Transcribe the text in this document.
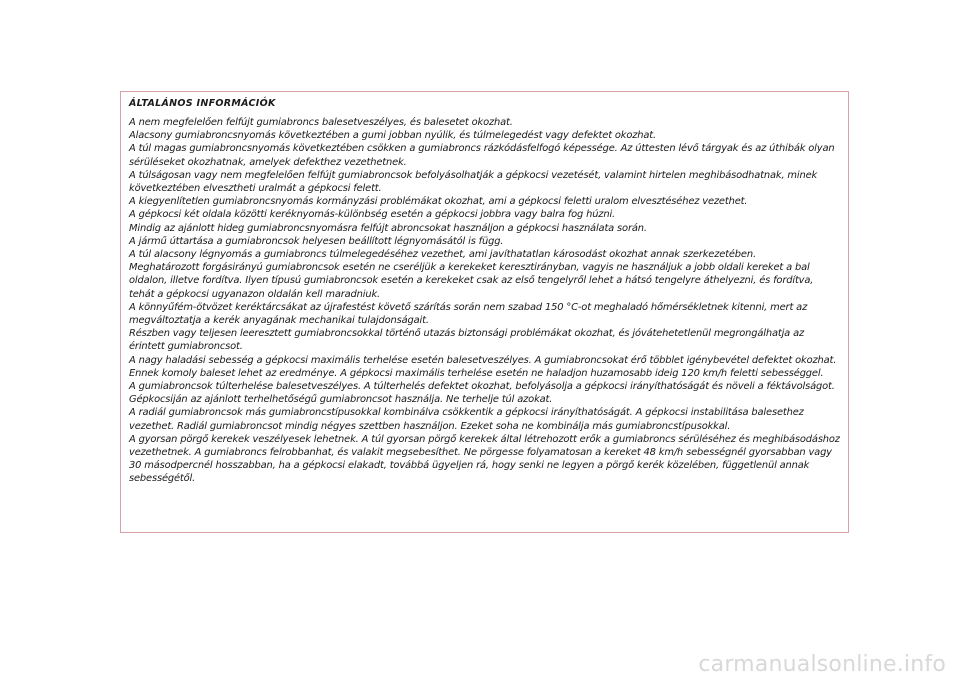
ÁLTALÁNOS INFORMÁCIÓK

A nem megfelelően felfújt gumiabroncs balesetveszélyes, és balesetet okozhat.

Alacsony gumiabroncsnyomás következtében a gumi jobban nyúlik, és túlmelegedést vagy defektet okozhat.

A túl magas gumiabroncsnyomás következtében csökken a gumiabroncs rázkódásfelfogó képessége. Az úttesten lévő tárgyak és az úthibák olyan sérüléseket okozhatnak, amelyek defekthez vezethetnek.

A túlságosan vagy nem megfelelően felfújt gumiabroncsok befolyásolhatják a gépkocsi vezetését, valamint hirtelen meghibásodhatnak, minek következtében elvesztheti uralmát a gépkocsi felett.

A kiegyenlítetlen gumiabroncsnyomás kormányzási problémákat okozhat, ami a gépkocsi feletti uralom elvesztéséhez vezethet.

A gépkocsi két oldala közötti keréknyomás-különbség esetén a gépkocsi jobbra vagy balra fog húzni.

Mindig az ajánlott hideg gumiabroncsnyomásra felfújt abroncsokat használjon a gépkocsi használata során.

A jármű úttartása a gumiabroncsok helyesen beállított légnyomásától is függ.

A túl alacsony légnyomás a gumiabroncs túlmelegedéséhez vezethet, ami javíthatatlan károsodást okozhat annak szerkezetében.

Meghatározott forgásirányú gumiabroncsok esetén ne cseréljük a kerekeket keresztirányban, vagyis ne használjuk a jobb oldali kereket a bal oldalon, illetve fordítva. Ilyen típusú gumiabroncsok esetén a kerekeket csak az első tengelyről lehet a hátsó tengelyre áthelyezni, és fordítva, tehát a gépkocsi ugyanazon oldalán kell maradniuk.

A könnyűfém-ötvözet keréktárcsákat az újrafestést követő szárítás során nem szabad 150 °C-ot meghaladó hőmérsékletnek kitenni, mert az megváltoztatja a kerék anyagának mechanikai tulajdonságait.

Részben vagy teljesen leeresztett gumiabroncsokkal történő utazás biztonsági problémákat okozhat, és jóvátehetetlenül megrongálhatja az érintett gumiabroncsot.

A nagy haladási sebesség a gépkocsi maximális terhelése esetén balesetveszélyes. A gumiabroncsokat érő többlet igénybevétel defektet okozhat. Ennek komoly baleset lehet az eredménye. A gépkocsi maximális terhelése esetén ne haladjon huzamosabb ideig 120 km/h feletti sebességgel.

A gumiabroncsok túlterhelése balesetveszélyes. A túlterhelés defektet okozhat, befolyásolja a gépkocsi irányíthatóságát és növeli a féktávolságot. Gépkocsiján az ajánlott terhelhetőségű gumiabroncsot használja. Ne terhelje túl azokat.

A radiál gumiabroncsok más gumiabroncstípusokkal kombinálva csökkentik a gépkocsi irányíthatóságát. A gépkocsi instabilitása balesethez vezethet. Radiál gumiabroncsot mindig négyes szettben használjon. Ezeket soha ne kombinálja más gumiabroncstípusokkal.

A gyorsan pörgő kerekek veszélyesek lehetnek. A túl gyorsan pörgő kerekek által létrehozott erők a gumiabroncs sérüléséhez és meghibásodáshoz vezethetnek. A gumiabroncs felrobbanhat, és valakit megsebesíthet. Ne pörgesse folyamatosan a kereket 48 km/h sebességnél gyorsabban vagy 30 másodpercnél hosszabban, ha a gépkocsi elakadt, továbbá ügyeljen rá, hogy senki ne legyen a pörgő kerék közelében, függetlenül annak sebességétől.

carmanualsonline.info
